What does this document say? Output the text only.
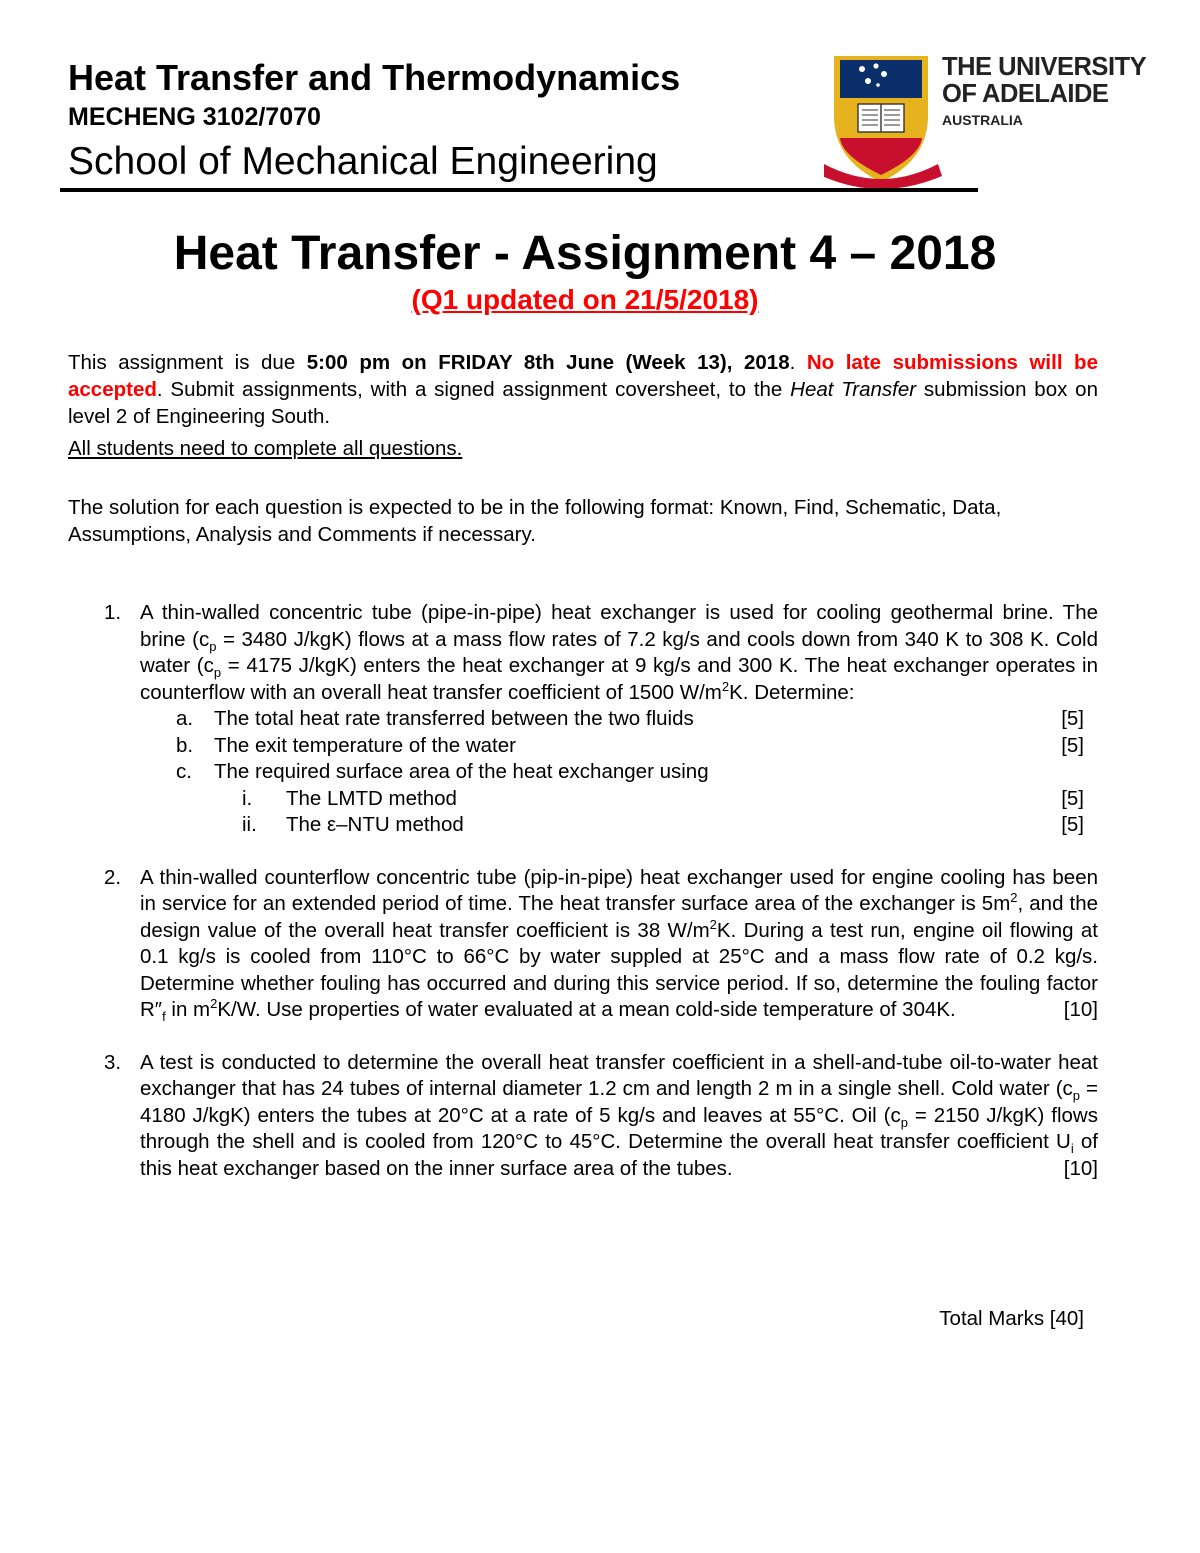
Heat Transfer and Thermodynamics
MECHENG 3102/7070
School of Mechanical Engineering
THE UNIVERSITY
OF ADELAIDE
AUSTRALIA
Heat Transfer - Assignment 4 – 2018
(Q1 updated on 21/5/2018)
This assignment is due 5:00 pm on FRIDAY 8th June (Week 13), 2018. No late submissions will be accepted. Submit assignments, with a signed assignment coversheet, to the Heat Transfer submission box on level 2 of Engineering South.
All students need to complete all questions.
The solution for each question is expected to be in the following format: Known, Find, Schematic, Data, Assumptions, Analysis and Comments if necessary.
1. A thin-walled concentric tube (pipe-in-pipe) heat exchanger is used for cooling geothermal brine. The brine ($c_p = 3480$ J/kgK) flows at a mass flow rates of 7.2 kg/s and cools down from 340 K to 308 K. Cold water ($c_p = 4175$ J/kgK) enters the heat exchanger at 9 kg/s and 300 K. The heat exchanger operates in counterflow with an overall heat transfer coefficient of 1500 $W/m^2K$. Determine:
a. The total heat rate transferred between the two fluids	[5]
b. The exit temperature of the water	[5]
c. The required surface area of the heat exchanger using
i. The LMTD method	[5]
ii. The ε–NTU method	[5]
2. A thin-walled counterflow concentric tube (pip-in-pipe) heat exchanger used for engine cooling has been in service for an extended period of time. The heat transfer surface area of the exchanger is $5m^2$, and the design value of the overall heat transfer coefficient is 38 $W/m^2K$. During a test run, engine oil flowing at 0.1 kg/s is cooled from 110°C to 66°C by water suppled at 25°C and a mass flow rate of 0.2 kg/s. Determine whether fouling has occurred and during this service period. If so, determine the fouling factor $R''_f$ in $m^2K/W$. Use properties of water evaluated at a mean cold-side temperature of 304K.	[10]
3. A test is conducted to determine the overall heat transfer coefficient in a shell-and-tube oil-to-water heat exchanger that has 24 tubes of internal diameter 1.2 cm and length 2 m in a single shell. Cold water ($c_p = 4180$ J/kgK) enters the tubes at 20°C at a rate of 5 kg/s and leaves at 55°C. Oil ($c_p = 2150$ J/kgK) flows through the shell and is cooled from 120°C to 45°C. Determine the overall heat transfer coefficient $U_i$ of this heat exchanger based on the inner surface area of the tubes.	[10]
Total Marks [40]
